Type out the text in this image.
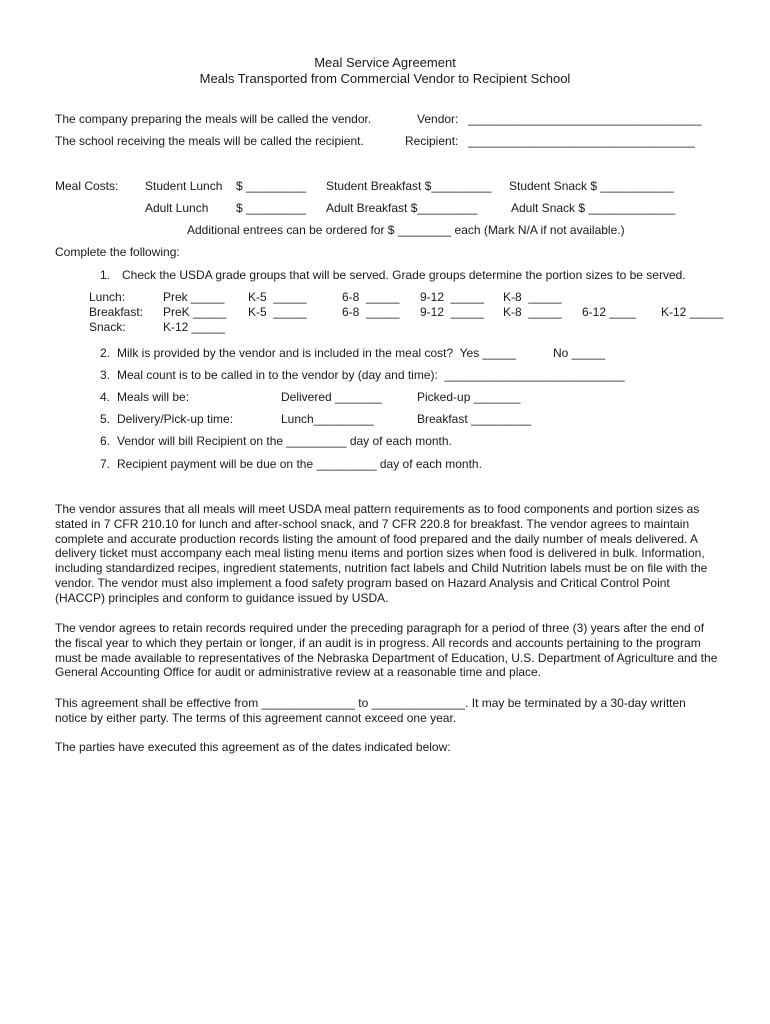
Meal Service Agreement
Meals Transported from Commercial Vendor to Recipient School
The company preparing the meals will be called the vendor.	Vendor: ___________________________________
The school receiving the meals will be called the recipient.	Recipient: __________________________________
Meal Costs: Student Lunch $ _________ Student Breakfast $_________ Student Snack $ ___________
Adult Lunch $ _________ Adult Breakfast $_________	Adult Snack $ _____________
Additional entrees can be ordered for $ ________ each (Mark N/A if not available.)
Complete the following:
1. Check the USDA grade groups that will be served. Grade groups determine the portion sizes to be served.
Lunch:	Prek _____ K-5  _____	6-8  _____ 9-12  _____ K-8  _____
Breakfast: PreK _____ K-5  _____	6-8  _____ 9-12  _____ K-8  _____ 6-12 ____ K-12 _____
Snack:	K-12 _____
2. Milk is provided by the vendor and is included in the meal cost?  Yes _____	No _____
3. Meal count is to be called in to the vendor by (day and time):  ___________________________
4. Meals will be:	Delivered _______	Picked-up _______
5. Delivery/Pick-up time:	Lunch_________	Breakfast _________
6. Vendor will bill Recipient on the _________ day of each month.
7. Recipient payment will be due on the _________ day of each month.
The vendor assures that all meals will meet USDA meal pattern requirements as to food components and portion sizes as stated in 7 CFR 210.10 for lunch and after-school snack, and 7 CFR 220.8 for breakfast. The vendor agrees to maintain complete and accurate production records listing the amount of food prepared and the daily number of meals delivered. A delivery ticket must accompany each meal listing menu items and portion sizes when food is delivered in bulk. Information, including standardized recipes, ingredient statements, nutrition fact labels and Child Nutrition labels must be on file with the vendor. The vendor must also implement a food safety program based on Hazard Analysis and Critical Control Point (HACCP) principles and conform to guidance issued by USDA.
The vendor agrees to retain records required under the preceding paragraph for a period of three (3) years after the end of the fiscal year to which they pertain or longer, if an audit is in progress. All records and accounts pertaining to the program must be made available to representatives of the Nebraska Department of Education, U.S. Department of Agriculture and the General Accounting Office for audit or administrative review at a reasonable time and place.
This agreement shall be effective from ______________ to ______________. It may be terminated by a 30-day written notice by either party. The terms of this agreement cannot exceed one year.
The parties have executed this agreement as of the dates indicated below:
